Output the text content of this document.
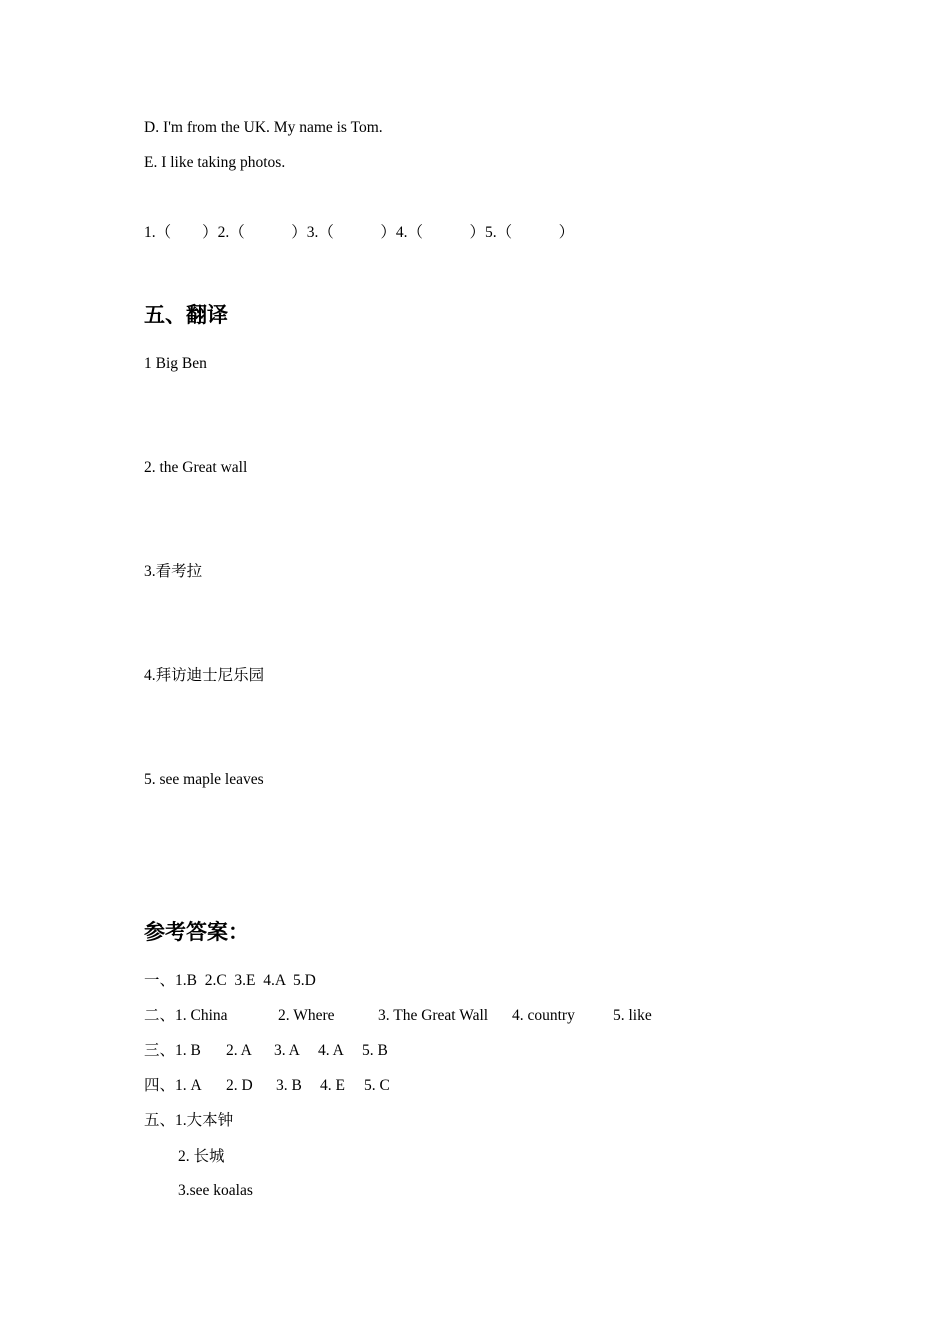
D. I'm from the UK. My name is Tom.
E. I like taking photos.
1.（        ）2.（            ）3.（            ）4.（            ）5.（            ）
五、翻译
1 Big Ben
2. the Great wall
3.看考拉
4.拜访迪士尼乐园
5. see maple leaves
参考答案：
一、1.B  2.C  3.E  4.A  5.D

二、1. China

	2. Where

	3. The Great Wall

4. country

5. like

三、1. B

2. A

3. A

4. A

5. B

四、1. A

2. D

3. B

4. E

5. C

五、1.大本钟
2. 长城
3.see koalas
